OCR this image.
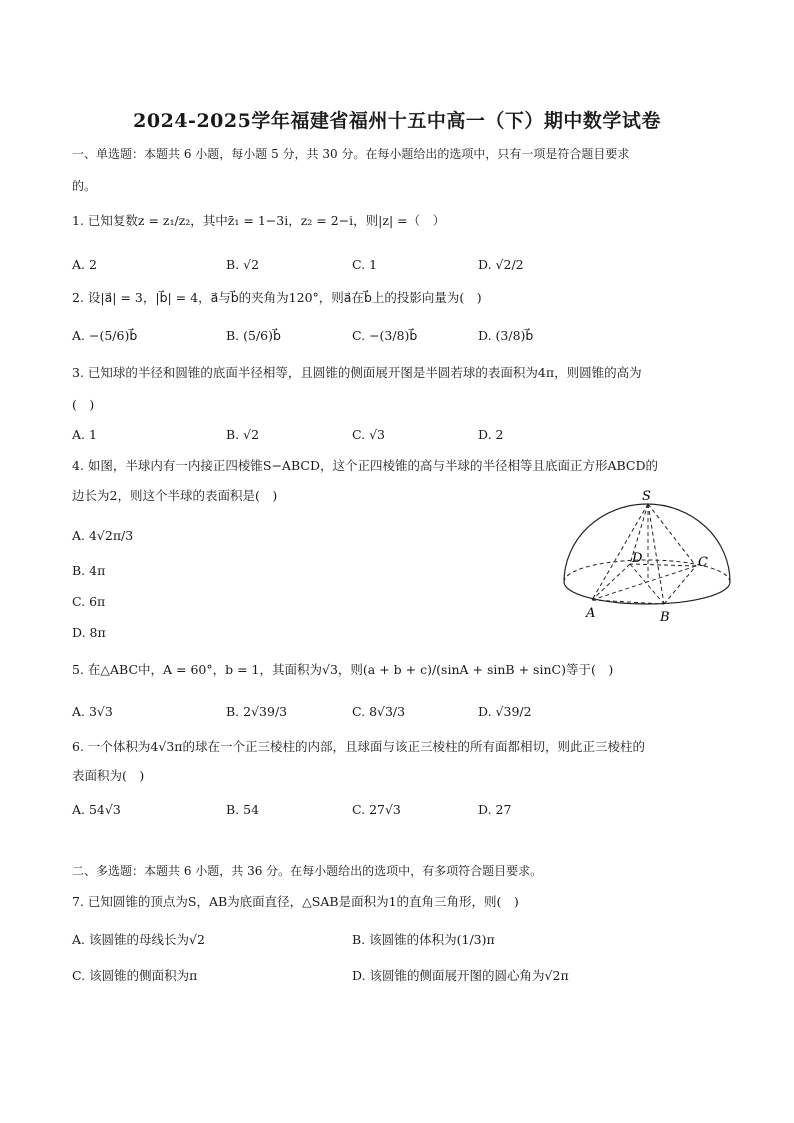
2024-2025学年福建省福州十五中高一（下）期中数学试卷
一、单选题：本题共 6 小题，每小题 5 分，共 30 分。在每小题给出的选项中，只有一项是符合题目要求
的。
1. 已知复数z = z₁/z₂，其中z̄₁ = 1−3i，z₂ = 2−i，则|z| =（　）
A. 2	B. √2	C. 1	D. √2/2
2. 设|a⃗| = 3，|b⃗| = 4，a⃗与b⃗的夹角为120°，则a⃗在b⃗上的投影向量为(　)
A. −(5/6)b⃗	B. (5/6)b⃗	C. −(3/8)b⃗	D. (3/8)b⃗
3. 已知球的半径和圆锥的底面半径相等，且圆锥的侧面展开图是半圆若球的表面积为4π，则圆锥的高为
(　)
A. 1	B. √2	C. √3	D. 2
4. 如图，半球内有一内接正四棱锥S−ABCD，这个正四棱锥的高与半球的半径相等且底面正方形ABCD的
边长为2，则这个半球的表面积是(　)
A. 4√2π/3
B. 4π
C. 6π
D. 8π
S
A	B
C
D
5. 在△ABC中，A = 60°，b = 1，其面积为√3，则(a + b + c)/(sinA + sinB + sinC)等于(　)
A. 3√3	B. 2√39/3	C. 8√3/3	D. √39/2
6. 一个体积为4√3π的球在一个正三棱柱的内部，且球面与该正三棱柱的所有面都相切，则此正三棱柱的
表面积为(　)
A. 54√3	B. 54	C. 27√3	D. 27
二、多选题：本题共 6 小题，共 36 分。在每小题给出的选项中，有多项符合题目要求。
7. 已知圆锥的顶点为S，AB为底面直径，△SAB是面积为1的直角三角形，则(　)
A. 该圆锥的母线长为√2	B. 该圆锥的体积为(1/3)π
C. 该圆锥的侧面积为π	D. 该圆锥的侧面展开图的圆心角为√2π
